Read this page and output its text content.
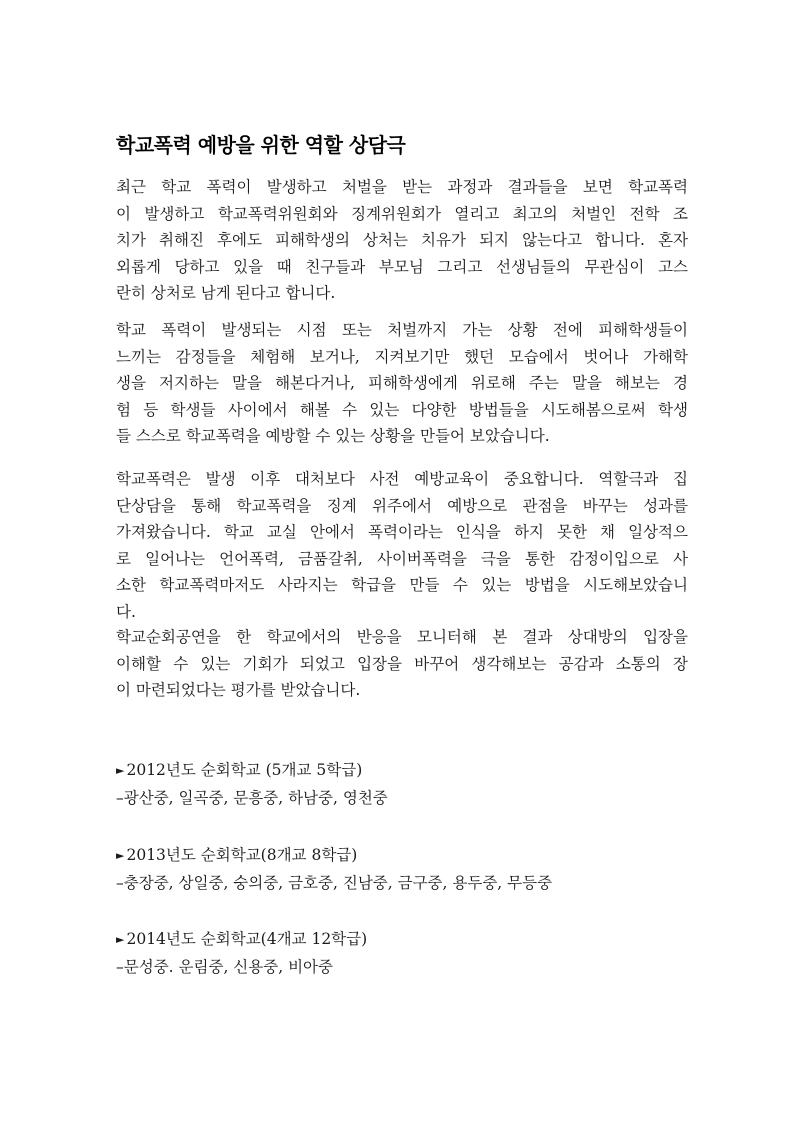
학교폭력 예방을 위한 역할 상담극
최근 학교 폭력이 발생하고 처벌을 받는 과정과 결과들을 보면 학교폭력
이 발생하고 학교폭력위원회와 징계위원회가 열리고 최고의 처벌인 전학 조
치가 취해진 후에도 피해학생의 상처는 치유가 되지 않는다고 합니다. 혼자
외롭게 당하고 있을 때 친구들과 부모님 그리고 선생님들의 무관심이 고스
란히 상처로 남게 된다고 합니다.
학교 폭력이 발생되는 시점 또는 처벌까지 가는 상황 전에 피해학생들이
느끼는 감정들을 체험해 보거나, 지켜보기만 했던 모습에서 벗어나 가해학
생을 저지하는 말을 해본다거나, 피해학생에게 위로해 주는 말을 해보는 경
험 등 학생들 사이에서 해볼 수 있는 다양한 방법들을 시도해봄으로써 학생
들 스스로 학교폭력을 예방할 수 있는 상황을 만들어 보았습니다.
학교폭력은 발생 이후 대처보다 사전 예방교육이 중요합니다. 역할극과 집
단상담을 통해 학교폭력을 징계 위주에서 예방으로 관점을 바꾸는 성과를
가져왔습니다. 학교 교실 안에서 폭력이라는 인식을 하지 못한 채 일상적으
로 일어나는 언어폭력, 금품갈취, 사이버폭력을 극을 통한 감정이입으로 사
소한 학교폭력마저도 사라지는 학급을 만들 수 있는 방법을 시도해보았습니
다.
학교순회공연을 한 학교에서의 반응을 모니터해 본 결과 상대방의 입장을
이해할 수 있는 기회가 되었고 입장을 바꾸어 생각해보는 공감과 소통의 장
이 마련되었다는 평가를 받았습니다.
► 2012년도 순회학교 (5개교 5학급)
–광산중, 일곡중, 문흥중, 하남중, 영천중
► 2013년도 순회학교(8개교 8학급)
–충장중, 상일중, 숭의중, 금호중, 진남중, 금구중, 용두중, 무등중
► 2014년도 순회학교(4개교 12학급)
–문성중. 운림중, 신용중, 비아중
